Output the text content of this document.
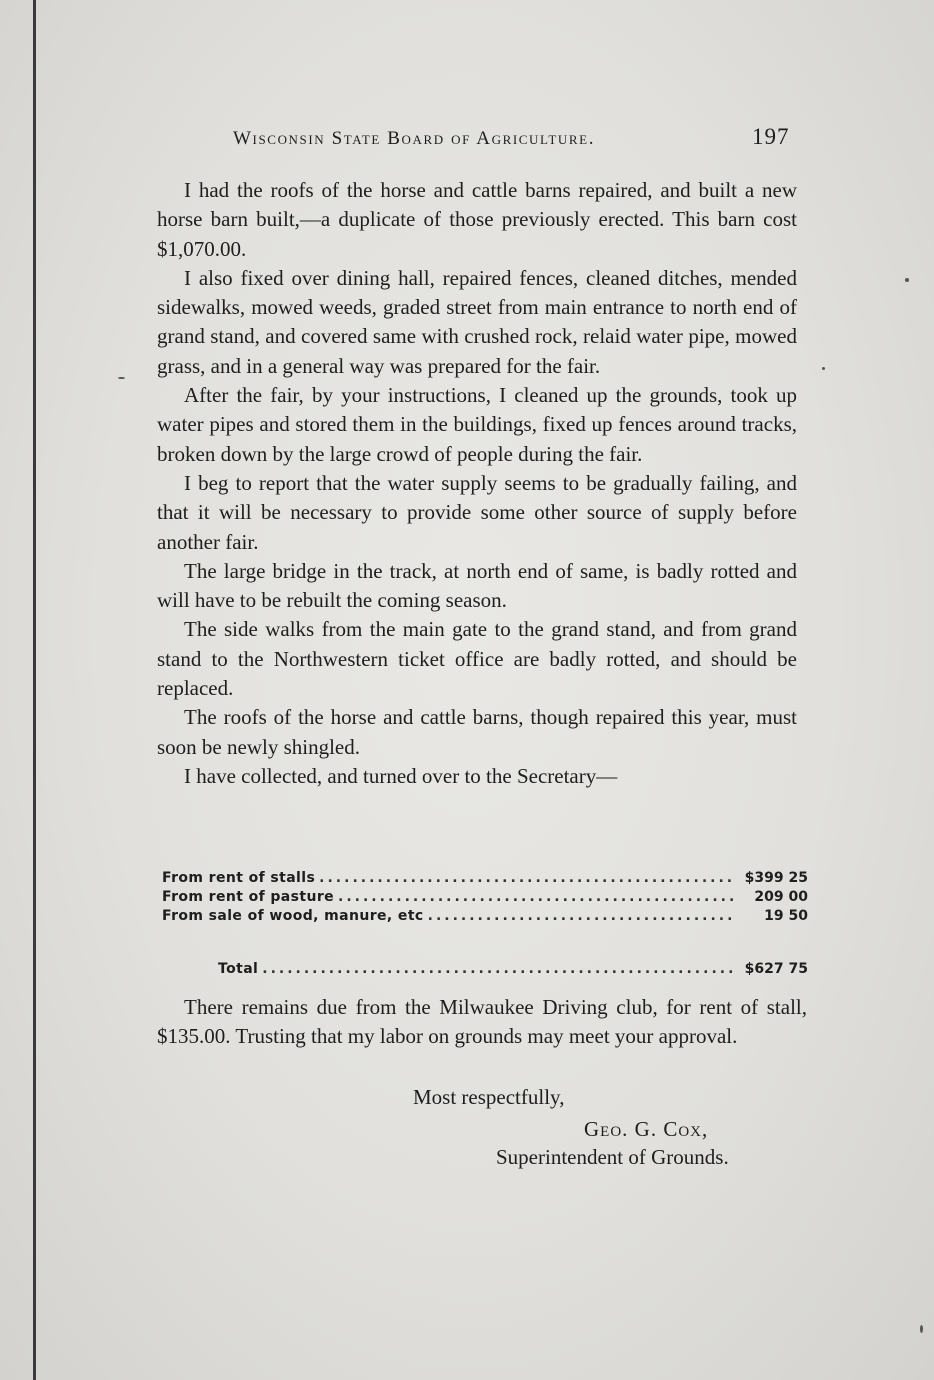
Wisconsin State Board of Agriculture.	197

I had the roofs of the horse and cattle barns repaired, and built a new horse barn built,—a duplicate of those previously erected. This barn cost $1,070.00.

I also fixed over dining hall, repaired fences, cleaned ditches, mended sidewalks, mowed weeds, graded street from main entrance to north end of grand stand, and covered same with crushed rock, relaid water pipe, mowed grass, and in a general way was prepared for the fair.

After the fair, by your instructions, I cleaned up the grounds, took up water pipes and stored them in the buildings, fixed up fences around tracks, broken down by the large crowd of people during the fair.

I beg to report that the water supply seems to be gradually failing, and that it will be necessary to provide some other source of supply before another fair.

The large bridge in the track, at north end of same, is badly rotted and will have to be rebuilt the coming season.

The side walks from the main gate to the grand stand, and from grand stand to the Northwestern ticket office are badly rotted, and should be replaced.

The roofs of the horse and cattle barns, though repaired this year, must soon be newly shingled.

I have collected, and turned over to the Secretary—

From rent of stalls .....	$399 25
From rent of pasture .....	209 00
From sale of wood, manure, etc .....	19 50
Total .....	$627 75

There remains due from the Milwaukee Driving club, for rent of stall, $135.00. Trusting that my labor on grounds may meet your approval.

Most respectfully,
Geo. G. Cox,
Superintendent of Grounds.
